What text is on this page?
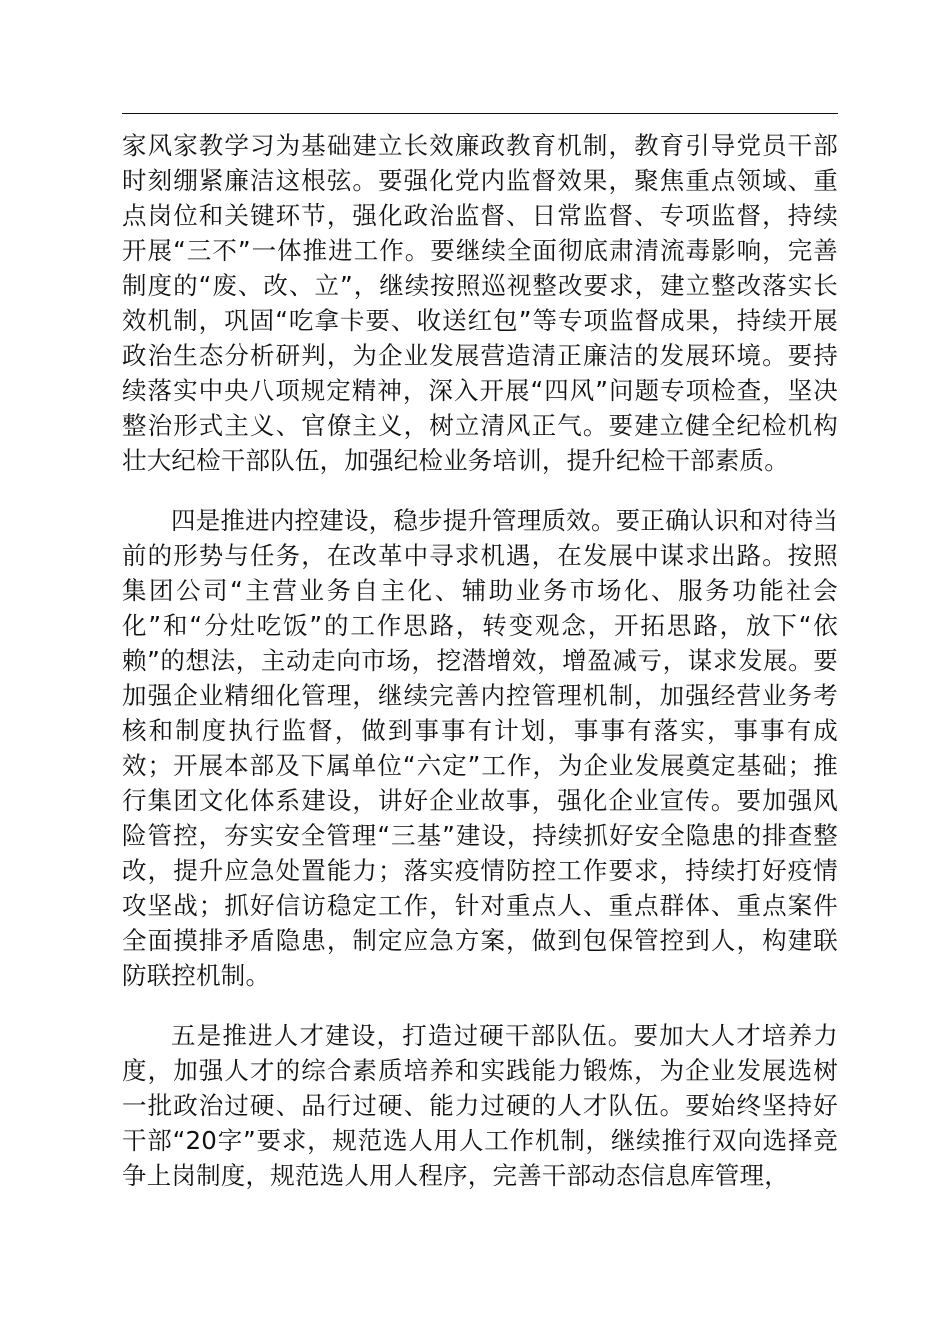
家风家教学习为基础建立长效廉政教育机制，教育引导党员干部时刻绷紧廉洁这根弦。要强化党内监督效果，聚焦重点领域、重点岗位和关键环节，强化政治监督、日常监督、专项监督，持续开展“三不”一体推进工作。要继续全面彻底肃清流毒影响，完善制度的“废、改、立”，继续按照巡视整改要求，建立整改落实长效机制，巩固“吃拿卡要、收送红包”等专项监督成果，持续开展政治生态分析研判，为企业发展营造清正廉洁的发展环境。要持续落实中央八项规定精神，深入开展“四风”问题专项检查，坚决整治形式主义、官僚主义，树立清风正气。要建立健全纪检机构壮大纪检干部队伍，加强纪检业务培训，提升纪检干部素质。

四是推进内控建设，稳步提升管理质效。要正确认识和对待当前的形势与任务，在改革中寻求机遇，在发展中谋求出路。按照集团公司“主营业务自主化、辅助业务市场化、服务功能社会化”和“分灶吃饭”的工作思路，转变观念，开拓思路，放下“依赖”的想法，主动走向市场，挖潜增效，增盈减亏，谋求发展。要加强企业精细化管理，继续完善内控管理机制，加强经营业务考核和制度执行监督，做到事事有计划，事事有落实，事事有成效；开展本部及下属单位“六定”工作，为企业发展奠定基础；推行集团文化体系建设，讲好企业故事，强化企业宣传。要加强风险管控，夯实安全管理“三基”建设，持续抓好安全隐患的排查整改，提升应急处置能力；落实疫情防控工作要求，持续打好疫情攻坚战；抓好信访稳定工作，针对重点人、重点群体、重点案件全面摸排矛盾隐患，制定应急方案，做到包保管控到人，构建联防联控机制。

五是推进人才建设，打造过硬干部队伍。要加大人才培养力度，加强人才的综合素质培养和实践能力锻炼，为企业发展选树一批政治过硬、品行过硬、能力过硬的人才队伍。要始终坚持好干部“20字”要求，规范选人用人工作机制，继续推行双向选择竞争上岗制度，规范选人用人程序，完善干部动态信息库管理，
